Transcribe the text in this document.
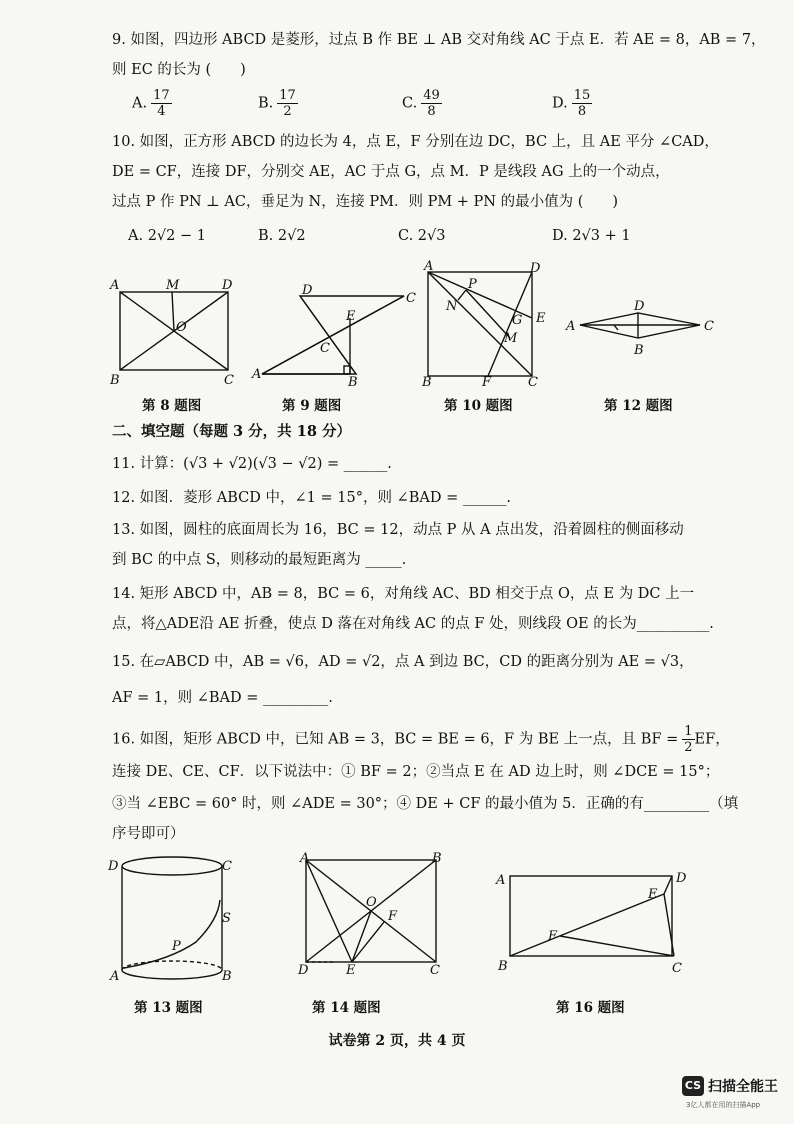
9. 如图，四边形 ABCD 是菱形，过点 B 作 BE ⊥ AB 交对角线 AC 于点 E．若 AE = 8，AB = 7，
则 EC 的长为 (　　)
A. $\frac{17}{4}$	B. $\frac{17}{2}$	C. $\frac{49}{8}$	D. $\frac{15}{8}$
10. 如图，正方形 ABCD 的边长为 4，点 E，F 分别在边 DC，BC 上，且 AE 平分 ∠CAD，
DE = CF，连接 DF，分别交 AE，AC 于点 G，点 M．P 是线段 AG 上的一个动点，
过点 P 作 PN ⊥ AC，垂足为 N，连接 PM．则 PM + PN 的最小值为 (　　)
A. 2√2 − 1	B. 2√2	C. 2√3	D. 2√3 + 1
A	M	D
O
B	C
D
C
E
C
A
B
A	D
P
N
G E
M
B	F	C
D
A	C
B
D	C
S
P
A	B
A	B
O
F
D	E	C
A	D
E
F
B	C
第 8 题图	第 9 题图	第 10 题图	第 12 题图
二、填空题（每题 3 分，共 18 分）
11. 计算：(√3 + √2)(√3 − √2) = ______.
12. 如图．菱形 ABCD 中，∠1 = 15°，则 ∠BAD = ______.
13. 如图，圆柱的底面周长为 16，BC = 12，动点 P 从 A 点出发，沿着圆柱的侧面移动
到 BC 的中点 S，则移动的最短距离为 _____.
14. 矩形 ABCD 中，AB = 8，BC = 6，对角线 AC、BD 相交于点 O，点 E 为 DC 上一
点，将△ADE沿 AE 折叠，使点 D 落在对角线 AC 的点 F 处，则线段 OE 的长为__________.
15. 在▱ABCD 中，AB = √6，AD = √2，点 A 到边 BC，CD 的距离分别为 AE = √3，
AF = 1，则 ∠BAD = _________.
16. 如图，矩形 ABCD 中，已知 AB = 3，BC = BE = 6，F 为 BE 上一点，且 BF = $\frac{1}{2}$ EF，
连接 DE、CE、CF．以下说法中：① BF = 2；②当点 E 在 AD 边上时，则 ∠DCE = 15°；
③当 ∠EBC = 60° 时，则 ∠ADE = 30°；④ DE + CF 的最小值为 5．正确的有_________（填
序号即可）
第 13 题图	第 14 题图	第 16 题图
试卷第 2 页，共 4 页
CS 扫描全能王
3亿人都在用的扫描App
